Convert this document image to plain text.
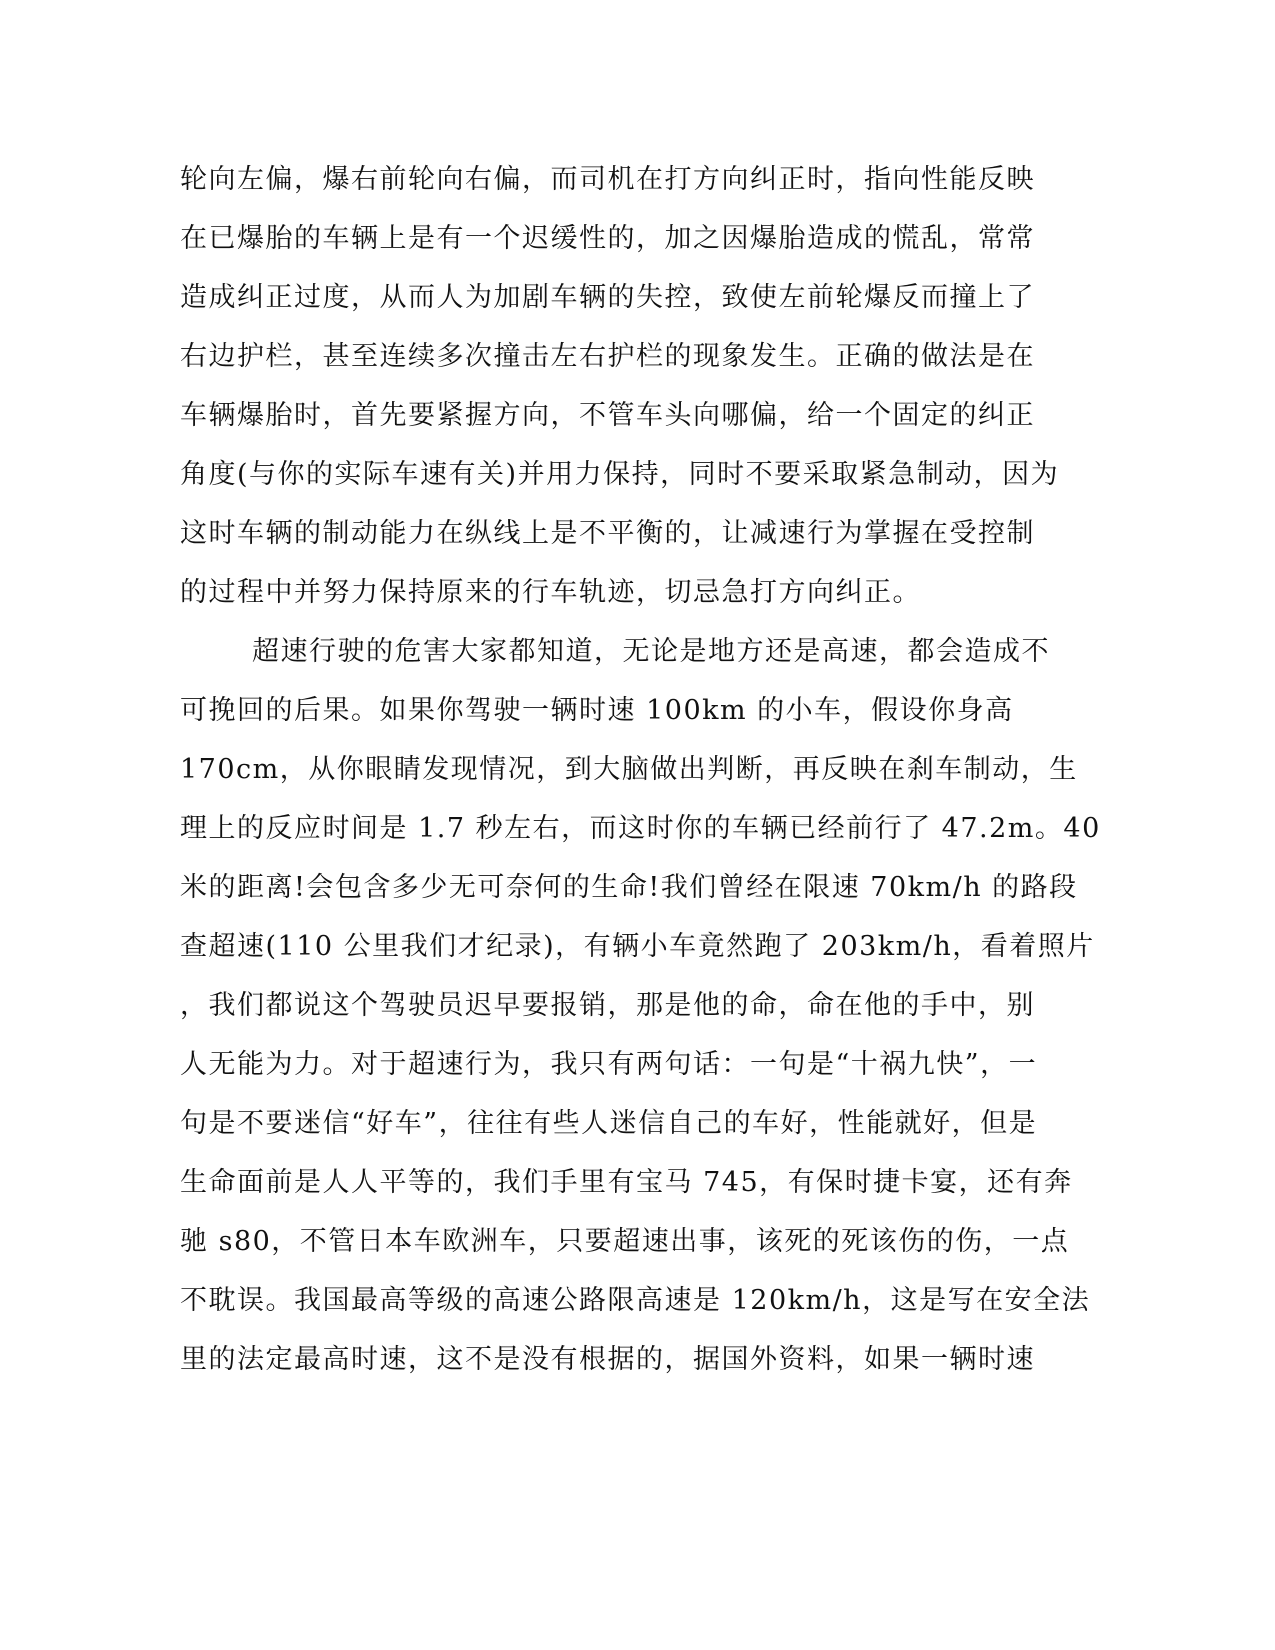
轮向左偏，爆右前轮向右偏，而司机在打方向纠正时，指向性能反映
在已爆胎的车辆上是有一个迟缓性的，加之因爆胎造成的慌乱，常常
造成纠正过度，从而人为加剧车辆的失控，致使左前轮爆反而撞上了
右边护栏，甚至连续多次撞击左右护栏的现象发生。正确的做法是在
车辆爆胎时，首先要紧握方向，不管车头向哪偏，给一个固定的纠正
角度(与你的实际车速有关)并用力保持，同时不要采取紧急制动，因为
这时车辆的制动能力在纵线上是不平衡的，让减速行为掌握在受控制
的过程中并努力保持原来的行车轨迹，切忌急打方向纠正。
超速行驶的危害大家都知道，无论是地方还是高速，都会造成不
可挽回的后果。如果你驾驶一辆时速 100km 的小车，假设你身高
170cm，从你眼睛发现情况，到大脑做出判断，再反映在刹车制动，生
理上的反应时间是 1.7 秒左右，而这时你的车辆已经前行了 47.2m。40
米的距离!会包含多少无可奈何的生命!我们曾经在限速 70km/h 的路段
查超速(110 公里我们才纪录)，有辆小车竟然跑了 203km/h，看着照片
，我们都说这个驾驶员迟早要报销，那是他的命，命在他的手中，别
人无能为力。对于超速行为，我只有两句话：一句是“十祸九快”，一
句是不要迷信“好车”，往往有些人迷信自己的车好，性能就好，但是
生命面前是人人平等的，我们手里有宝马 745，有保时捷卡宴，还有奔
驰 s80，不管日本车欧洲车，只要超速出事，该死的死该伤的伤，一点
不耽误。我国最高等级的高速公路限高速是 120km/h，这是写在安全法
里的法定最高时速，这不是没有根据的，据国外资料，如果一辆时速
